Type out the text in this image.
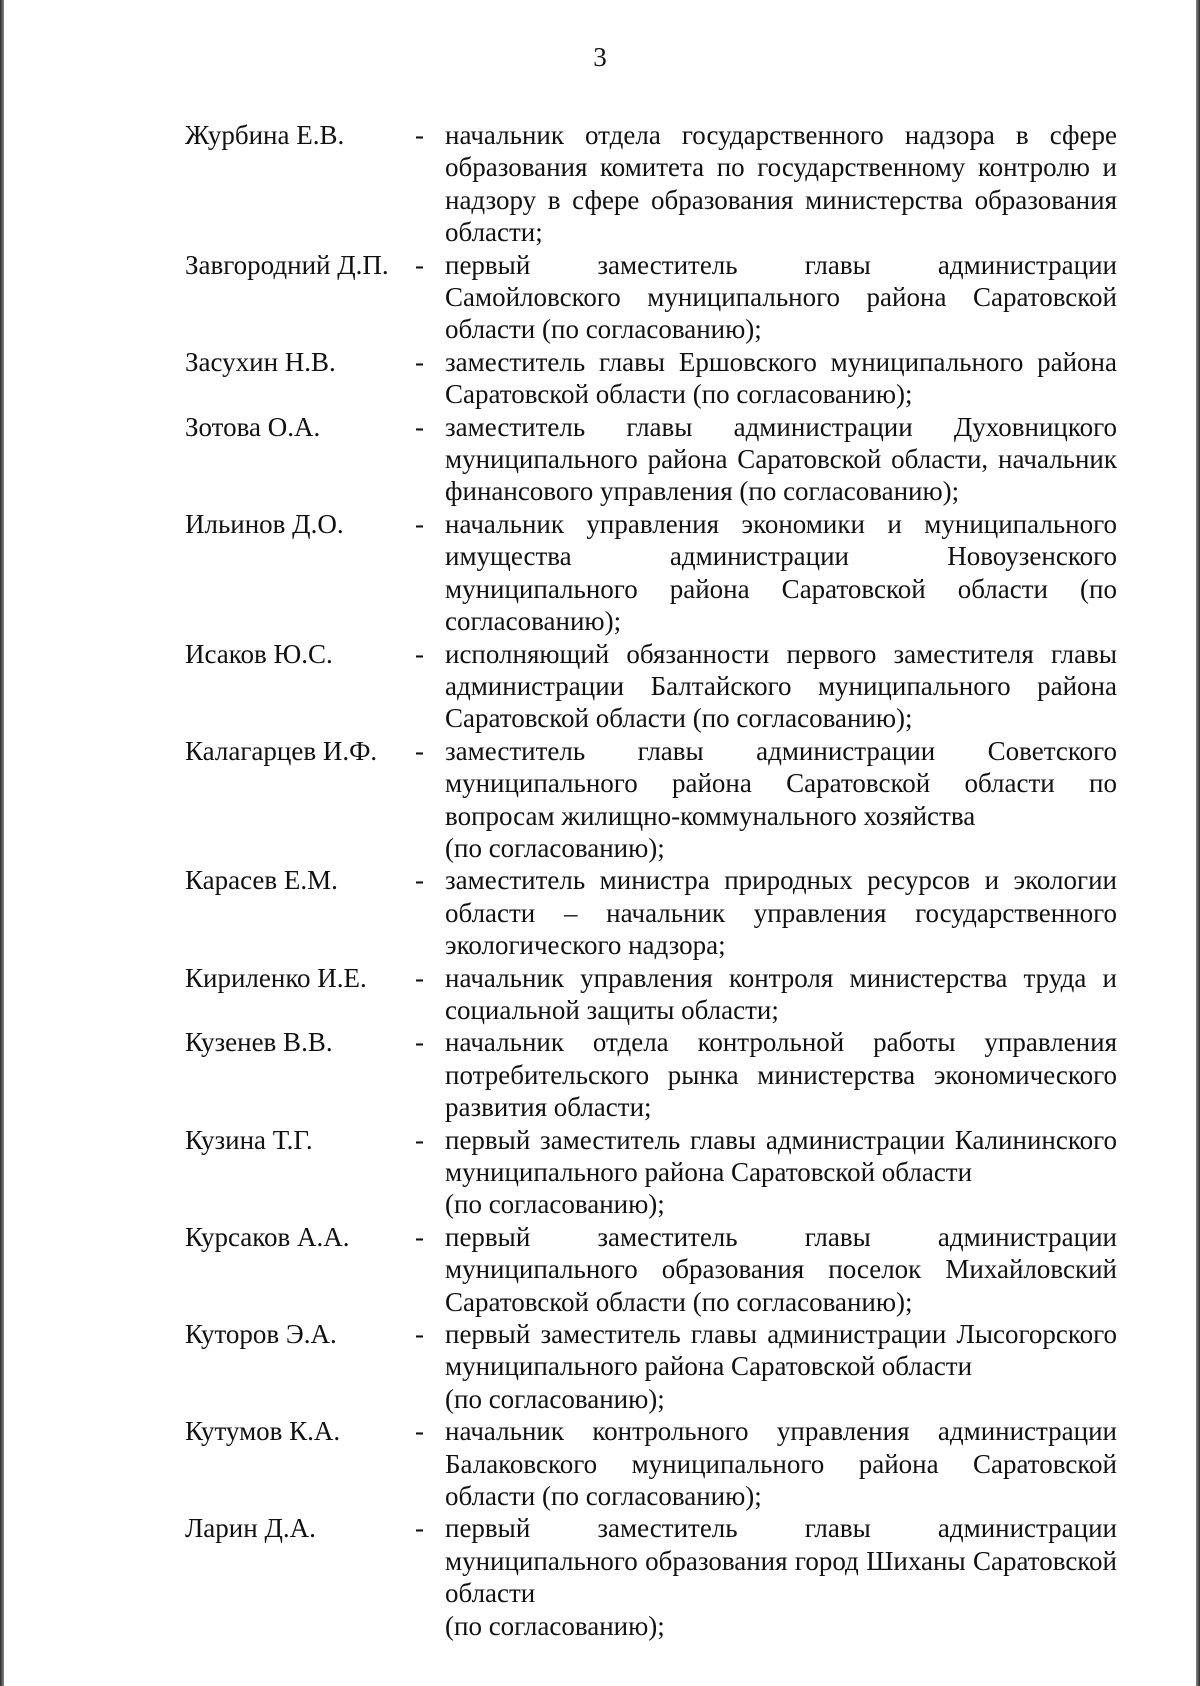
3
Журбина Е.В.	- начальник отдела государственного надзора в сфере образования комитета по государственному контролю и надзору в сфере образования министерства образования области;
Завгородний Д.П. - первый заместитель главы администрации Самойловского муниципального района Саратовской области (по согласованию);
Засухин Н.В.	- заместитель главы Ершовского муниципального района Саратовской области (по согласованию);
Зотова О.А.	- заместитель главы администрации Духовницкого муниципального района Саратовской области, начальник финансового управления (по согласованию);
Ильинов Д.О.	- начальник управления экономики и муниципального имущества администрации Новоузенского муниципального района Саратовской области (по согласованию);
Исаков Ю.С.	- исполняющий обязанности первого заместителя главы администрации Балтайского муниципального района Саратовской области (по согласованию);
Калагарцев И.Ф.	- заместитель главы администрации Советского муниципального района Саратовской области по вопросам жилищно-коммунального хозяйства
(по согласованию);
Карасев Е.М.	- заместитель министра природных ресурсов и экологии области – начальник управления государственного экологического надзора;
Кириленко И.Е.	- начальник управления контроля министерства труда и социальной защиты области;
Кузенев В.В.	- начальник отдела контрольной работы управления потребительского рынка министерства экономического развития области;
Кузина Т.Г.	- первый заместитель главы администрации Калининского муниципального района Саратовской области
(по согласованию);
Курсаков А.А.	- первый заместитель главы администрации муниципального образования поселок Михайловский Саратовской области (по согласованию);
Куторов Э.А.	- первый заместитель главы администрации Лысогорского муниципального района Саратовской области
(по согласованию);
Кутумов К.А.	- начальник контрольного управления администрации Балаковского муниципального района Саратовской области (по согласованию);
Ларин Д.А.	- первый заместитель главы администрации муниципального образования город Шиханы Саратовской области
(по согласованию);
